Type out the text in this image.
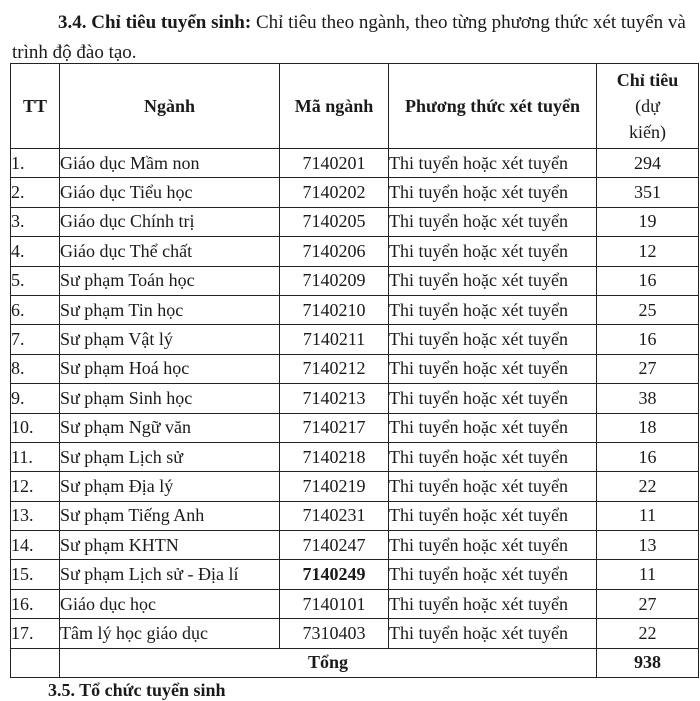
3.4. Chỉ tiêu tuyển sinh: Chỉ tiêu theo ngành, theo từng phương thức xét tuyển và
trình độ đào tạo.
TT	Ngành	Mã ngành	Phương thức xét tuyển	Chỉ tiêu
(dự
kiến)

1.	Giáo dục Mầm non	7140201	Thi tuyển hoặc xét tuyển	294
2.	Giáo dục Tiểu học	7140202	Thi tuyển hoặc xét tuyển	351
3.	Giáo dục Chính trị	7140205	Thi tuyển hoặc xét tuyển	19
4.	Giáo dục Thể chất	7140206	Thi tuyển hoặc xét tuyển	12
5.	Sư phạm Toán học	7140209	Thi tuyển hoặc xét tuyển	16
6.	Sư phạm Tin học	7140210	Thi tuyển hoặc xét tuyển	25
7.	Sư phạm Vật lý	7140211	Thi tuyển hoặc xét tuyển	16
8.	Sư phạm Hoá học	7140212	Thi tuyển hoặc xét tuyển	27
9.	Sư phạm Sinh học	7140213	Thi tuyển hoặc xét tuyển	38
10.	Sư phạm Ngữ văn	7140217	Thi tuyển hoặc xét tuyển	18
11.	Sư phạm Lịch sử	7140218	Thi tuyển hoặc xét tuyển	16
12.	Sư phạm Địa lý	7140219	Thi tuyển hoặc xét tuyển	22
13.	Sư phạm Tiếng Anh	7140231	Thi tuyển hoặc xét tuyển	11
14.	Sư phạm KHTN	7140247	Thi tuyển hoặc xét tuyển	13
15.	Sư phạm Lịch sử - Địa lí	7140249	Thi tuyển hoặc xét tuyển	11
16.	Giáo dục học	7140101	Thi tuyển hoặc xét tuyển	27
17.	Tâm lý học giáo dục	7310403	Thi tuyển hoặc xét tuyển	22
	Tổng			938
3.5. Tổ chức tuyển sinh
